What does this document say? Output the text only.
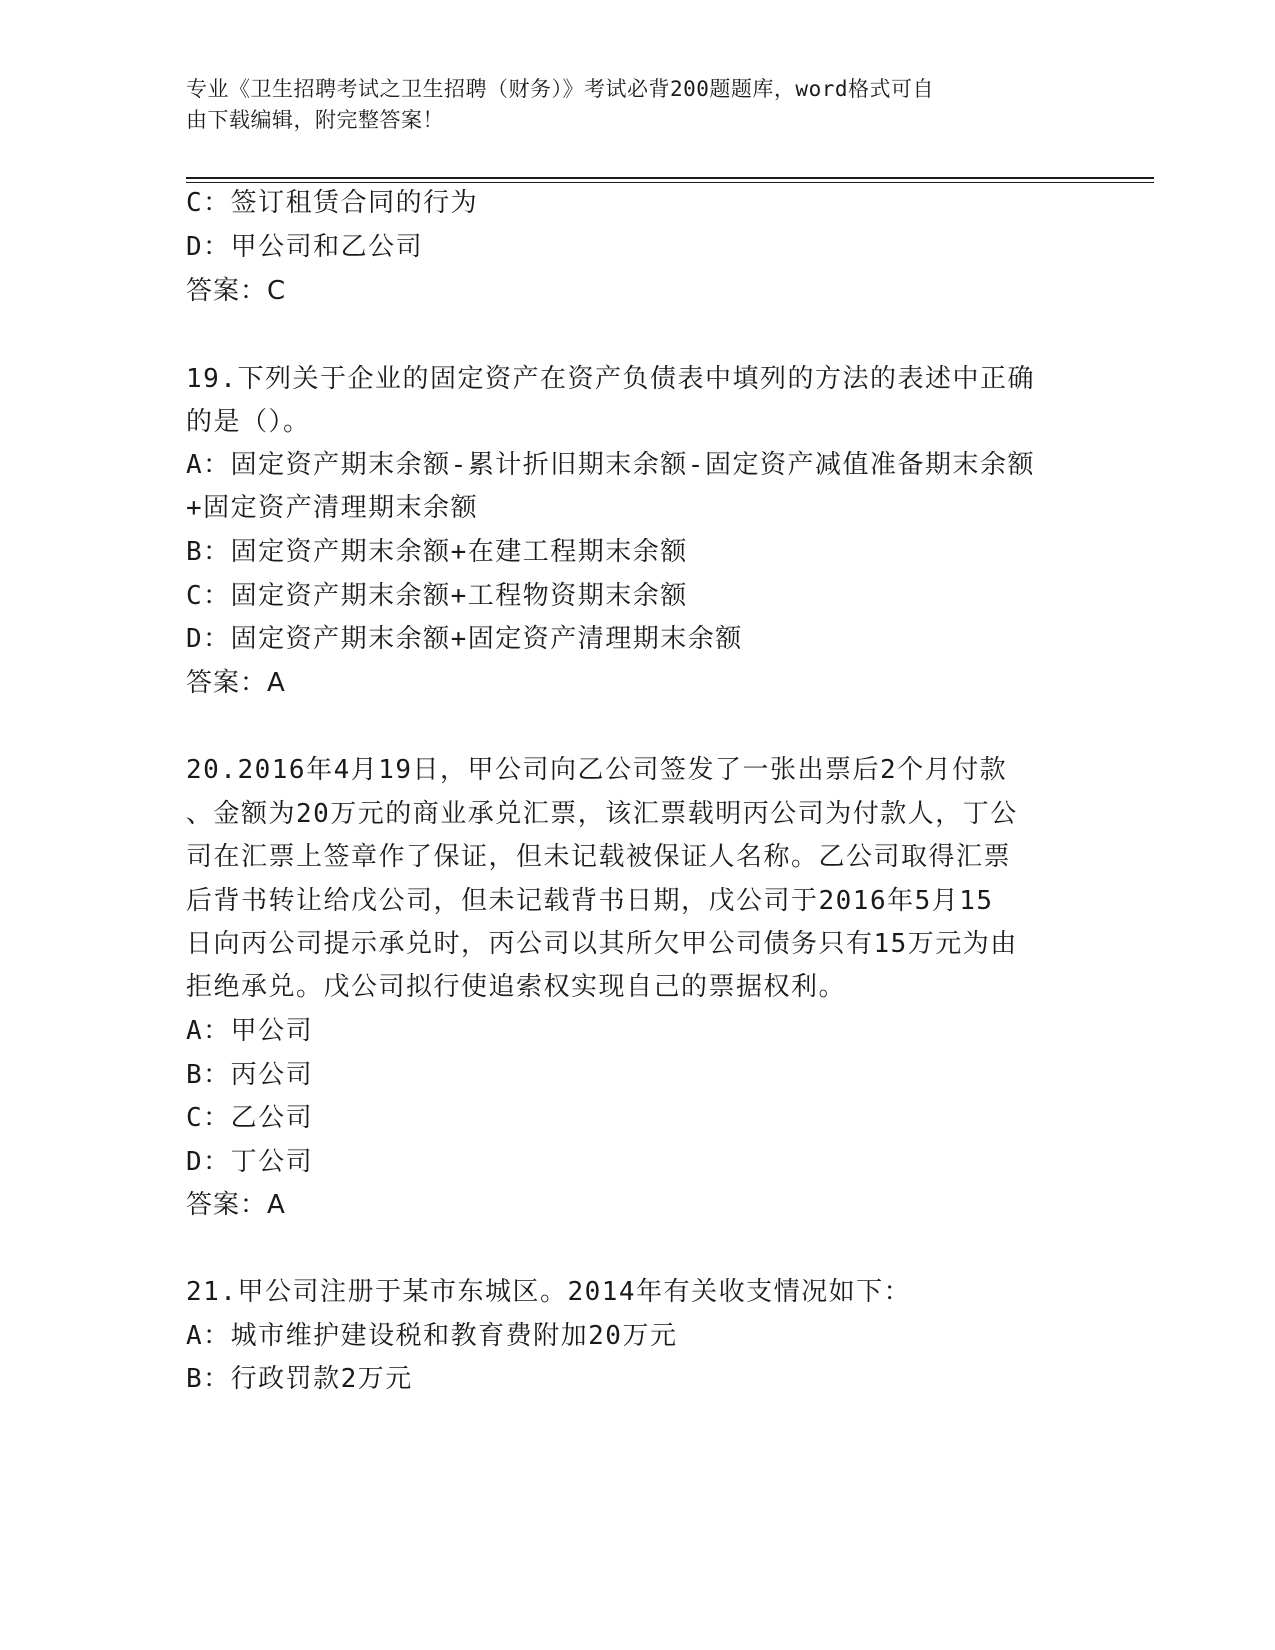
专业《卫生招聘考试之卫生招聘（财务）》考试必背200题题库，word格式可自
由下载编辑，附完整答案！
C：签订租赁合同的行为
D：甲公司和乙公司
答案：C
19.下列关于企业的固定资产在资产负债表中填列的方法的表述中正确
的是（）。
A：固定资产期末余额-累计折旧期末余额-固定资产减值准备期末余额
+固定资产清理期末余额
B：固定资产期末余额+在建工程期末余额
C：固定资产期末余额+工程物资期末余额
D：固定资产期末余额+固定资产清理期末余额
答案：A
20.2016年4月19日，甲公司向乙公司签发了一张出票后2个月付款
、金额为20万元的商业承兑汇票，该汇票载明丙公司为付款人，丁公
司在汇票上签章作了保证，但未记载被保证人名称。乙公司取得汇票
后背书转让给戊公司，但未记载背书日期，戊公司于2016年5月15
日向丙公司提示承兑时，丙公司以其所欠甲公司债务只有15万元为由
拒绝承兑。戊公司拟行使追索权实现自己的票据权利。
A：甲公司
B：丙公司
C：乙公司
D：丁公司
答案：A
21.甲公司注册于某市东城区。2014年有关收支情况如下：
A：城市维护建设税和教育费附加20万元
B：行政罚款2万元
